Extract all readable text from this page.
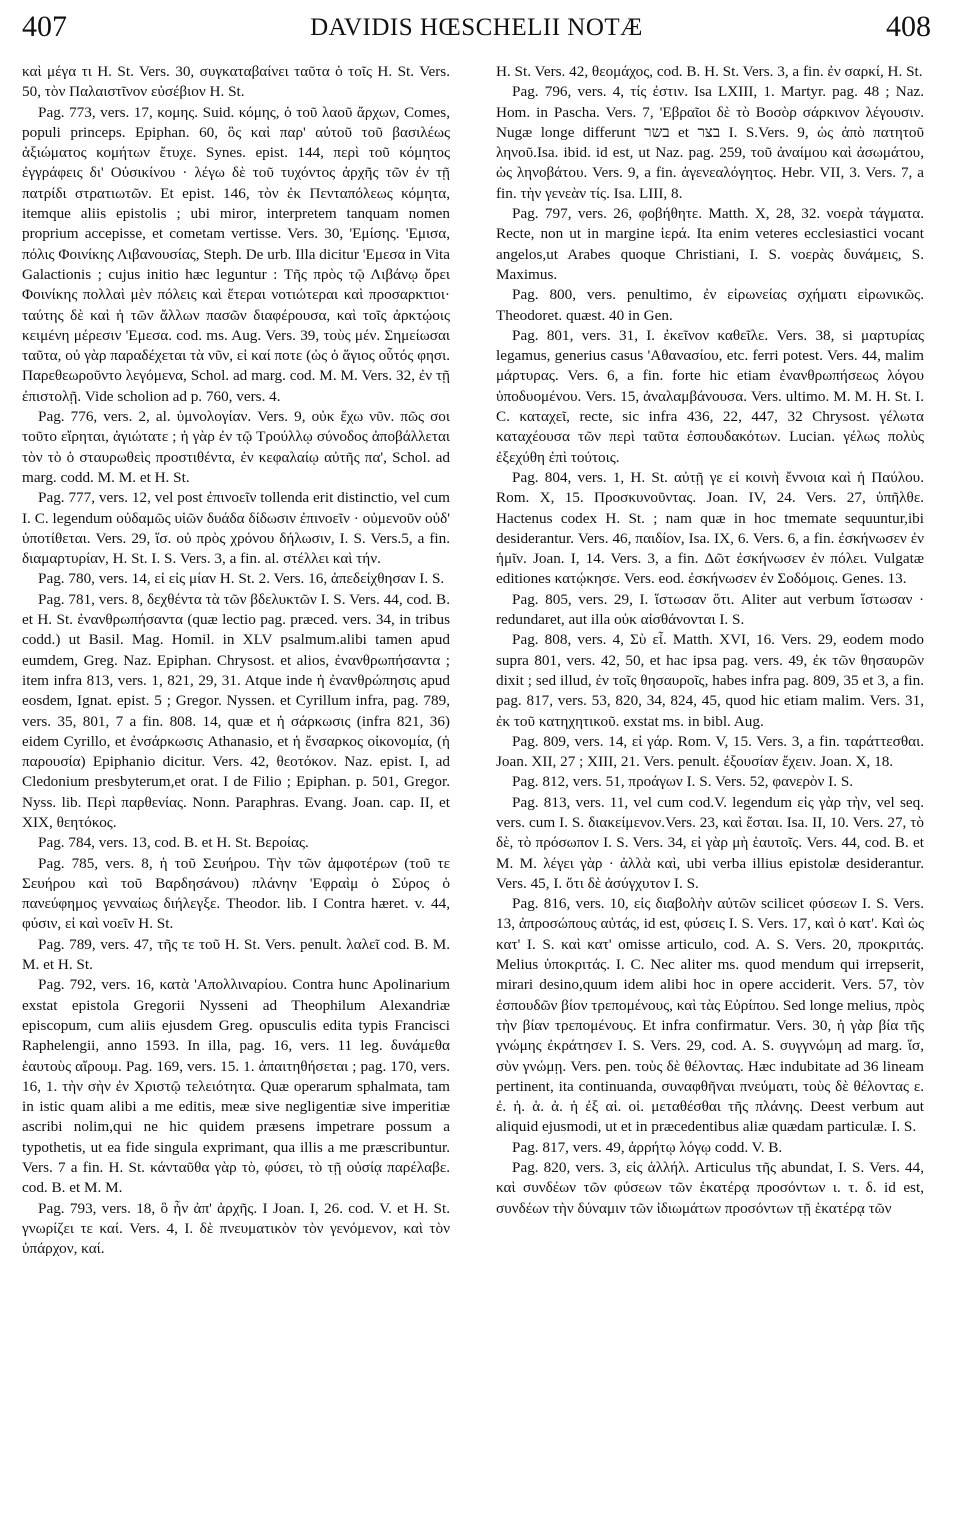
407	DAVIDIS HŒSCHELII NOTÆ	408

καὶ μέγα τι H. St. Vers. 30, συγκαταβαίνει ταῦτα ὁ τοῖς H. St. Vers. 50, τὸν Παλαιστῖνον εὐσέβιον H. St.

Pag. 773, vers. 17, κομης. Suid. κόμης, ὁ τοῦ λαοῦ ἄρχων, Comes, populi princeps. Epiphan. 60, ὃς καὶ παρ' αὐτοῦ τοῦ βασιλέως ἀξιώματος κομήτων ἔτυχε. Synes. epist. 144, περὶ τοῦ κόμητος ἐγγράφεις δι' Οὐσικίνου · λέγω δὲ τοῦ τυχόντος ἀρχῆς τῶν ἐν τῇ πατρίδι στρατιωτῶν. Et epist. 146, τὸν ἐκ Πενταπόλεως κόμητα, itemque aliis epistolis ; ubi miror, interpretem tanquam nomen proprium accepisse, et cometam vertisse. Vers. 30, 'Εμίσης. 'Εμισα, πόλις Φοινίκης Λιβανουσίας, Steph. De urb. Illa dicitur 'Εμεσα in Vita Galactionis ; cujus initio hæc leguntur : Τῆς πρὸς τῷ Λιβάνῳ ὄρει Φοινίκης πολλαὶ μὲν πόλεις καὶ ἕτεραι νοτιώτεραι καὶ προσαρκτιοι· ταύτης δὲ καὶ ἡ τῶν ἄλλων πασῶν διαφέρουσα, καὶ τοῖς ἀρκτῴοις κειμένη μέρεσιν 'Εμεσα. cod. ms. Aug. Vers. 39, τοὺς μέν. Σημείωσαι ταῦτα, οὐ γὰρ παραδέχεται τὰ νῦν, εἰ καί ποτε (ὡς ὁ ἅγιος οὗτός φησι. Παρεθεωροῦντο λεγόμενα, Schol. ad marg. cod. M. M. Vers. 32, ἐν τῇ ἐπιστολῇ. Vide scholion ad p. 760, vers. 4.

Pag. 776, vers. 2, al. ὑμνολογίαν. Vers. 9, οὐκ ἔχω νῦν. πῶς σοι τοῦτο εἴρηται, ἁγιώτατε ; ἡ γὰρ ἐν τῷ Τρούλλῳ σύνοδος ἀποβάλλεται τὸν τὸ ὁ σταυρωθεὶς προστιθέντα, ἐν κεφαλαίῳ αὐτῆς πα', Schol. ad marg. codd. M. M. et H. St.

Pag. 777, vers. 12, vel post ἐπινοεῖν tollenda erit distinctio, vel cum I. C. legendum οὐδαμῶς υἱῶν δυάδα δίδωσιν ἐπινοεῖν · οὐμενοῦν οὐδ' ὑποτίθεται. Vers. 29, ἵσ. οὐ πρὸς χρόνου δήλωσιν, I. S. Vers.5, a fin. διαμαρτυρίαν, H. St. I. S. Vers. 3, a fin. al. στέλλει καὶ τήν.

Pag. 780, vers. 14, εἰ εἰς μίαν H. St. 2. Vers. 16, ἀπεδείχθησαν I. S.

Pag. 781, vers. 8, δεχθέντα τὰ τῶν βδελυκτῶν I. S. Vers. 44, cod. B. et H. St. ἐνανθρωπήσαντα (quæ lectio pag. præced. vers. 34, in tribus codd.) ut Basil. Mag. Homil. in XLV psalmum.alibi tamen apud eumdem, Greg. Naz. Epiphan. Chrysost. et alios, ἐνανθρωπήσαντα ; item infra 813, vers. 1, 821, 29, 31. Atque inde ἡ ἐνανθρώπησις apud eosdem, Ignat. epist. 5 ; Gregor. Nyssen. et Cyrillum infra, pag. 789, vers. 35, 801, 7 a fin. 808. 14, quæ et ἡ σάρκωσις (infra 821, 36) eidem Cyrillo, et ἐνσάρκωσις Athanasio, et ἡ ἔνσαρκος οἰκονομία, (ἡ παρουσία) Epiphanio dicitur. Vers. 42, θεοτόκον. Naz. epist. I, ad Cledonium presbyterum,et orat. I de Filio ; Epiphan. p. 501, Gregor. Nyss. lib. Περὶ παρθενίας. Nonn. Paraphras. Evang. Joan. cap. II, et XIX, θεητόκος.

Pag. 784, vers. 13, cod. B. et H. St. Βεροίας.

Pag. 785, vers. 8, ἡ τοῦ Σευήρου. Τὴν τῶν ἀμφοτέρων (τοῦ τε Σευήρου καὶ τοῦ Βαρδησάνου) πλάνην 'Εφραὶμ ὁ Σύρος ὁ πανεύφημος γενναίως διήλεγξε. Theodor. lib. I Contra hæret. v. 44, φύσιν, εἰ καὶ νοεῖν H. St.

Pag. 789, vers. 47, τῆς τε τοῦ H. St. Vers. penult. λαλεῖ cod. B. M. M. et H. St.

Pag. 792, vers. 16, κατὰ 'Απολλιναρίου. Contra hunc Apolinarium exstat epistola Gregorii Nysseni ad Theophilum Alexandriæ episcopum, cum aliis ejusdem Greg. opusculis edita typis Francisci Raphelengii, anno 1593. In illa, pag. 16, vers. 11 leg. δυνάμεθα ἑαυτοὺς αἴρουμ. Pag. 169, vers. 15. 1. ἀπαιτηθήσεται ; pag. 170, vers. 16, 1. τὴν σὴν ἐν Χριστῷ τελειότητα. Quæ operarum sphalmata, tam in istic quam alibi a me editis, meæ sive negligentiæ sive imperitiæ ascribi nolim,qui ne hic quidem præsens impetrare possum a typothetis, ut ea fide singula exprimant, qua illis a me præscribuntur. Vers. 7 a fin. H. St. κάνταῦθα γὰρ τὸ, φύσει, τὸ τῇ οὐσίᾳ παρέλαβε. cod. B. et M. M.

Pag. 793, vers. 18, ὃ ἦν ἀπ' ἀρχῆς. I Joan. I, 26. cod. V. et H. St. γνωρίζει τε καί. Vers. 4, I. δὲ πνευματικὸν τὸν γενόμενον, καὶ τὸν ὑπάρχον, καί.

H. St. Vers. 42, θεομάχος, cod. B. H. St. Vers. 3, a fin. ἐν σαρκί, H. St.

Pag. 796, vers. 4, τίς ἐστιν. Isa LXIII, 1. Martyr. pag. 48 ; Naz. Hom. in Pascha. Vers. 7, 'Εβραῖοι δὲ τὸ Βοσὸρ σάρκινον λέγουσιν. Nugæ longe differunt בשר et בצר I. S.Vers. 9, ὡς ἀπὸ πατητοῦ ληνοῦ.Isa. ibid. id est, ut Naz. pag. 259, τοῦ ἀναίμου καὶ ἀσωμάτου, ὡς ληνοβάτου. Vers. 9, a fin. ἀγενεαλόγητος. Hebr. VII, 3. Vers. 7, a fin. τὴν γενεὰν τίς. Isa. LIII, 8.

Pag. 797, vers. 26, φοβήθητε. Matth. X, 28, 32. νοερὰ τάγματα. Recte, non ut in margine ἱερά. Ita enim veteres ecclesiastici vocant angelos,ut Arabes quoque Christiani, I. S. νοερὰς δυνάμεις, S. Maximus.

Pag. 800, vers. penultimo, ἐν εἰρωνείας σχήματι εἰρωνικῶς. Theodoret. quæst. 40 in Gen.

Pag. 801, vers. 31, I. ἐκεῖνον καθεῖλε. Vers. 38, si μαρτυρίας legamus, generius casus 'Αθανασίου, etc. ferri potest. Vers. 44, malim μάρτυρας. Vers. 6, a fin. forte hic etiam ἐνανθρωπήσεως λόγου ὑποδυομένου. Vers. 15, ἀναλαμβάνουσα. Vers. ultimo. M. M. H. St. I. C. καταχεῖ, recte, sic infra 436, 22, 447, 32 Chrysost. γέλωτα καταχέουσα τῶν περὶ ταῦτα ἐσπουδακότων. Lucian. γέλως πολὺς ἐξεχύθη ἐπὶ τούτοις.

Pag. 804, vers. 1, H. St. αὐτῇ γε εἰ κοινὴ ἔννοια καὶ ἡ Παύλου. Rom. X, 15. Προσκυνοῦντας. Joan. IV, 24. Vers. 27, ὑπῆλθε. Hactenus codex H. St. ; nam quæ in hoc tmemate sequuntur,ibi desiderantur. Vers. 46, παιδίον, Isa. IX, 6. Vers. 6, a fin. ἐσκήνωσεν ἐν ἡμῖν. Joan. I, 14. Vers. 3, a fin. Δῶτ ἐσκήνωσεν ἐν πόλει. Vulgatæ editiones κατῴκησε. Vers. eod. ἐσκήνωσεν ἐν Σοδόμοις. Genes. 13.

Pag. 805, vers. 29, I. ἵστωσαν ὅτι. Aliter aut verbum ἵστωσαν · redundaret, aut illa οὐκ αἰσθάνονται I. S.

Pag. 808, vers. 4, Σὺ εἶ. Matth. XVI, 16. Vers. 29, eodem modo supra 801, vers. 42, 50, et hac ipsa pag. vers. 49, ἐκ τῶν θησαυρῶν dixit ; sed illud, ἐν τοῖς θησαυροῖς, habes infra pag. 809, 35 et 3, a fin. pag. 817, vers. 53, 820, 34, 824, 45, quod hic etiam malim. Vers. 31, ἐκ τοῦ κατηχητικοῦ. exstat ms. in bibl. Aug.

Pag. 809, vers. 14, εἰ γάρ. Rom. V, 15. Vers. 3, a fin. ταράττεσθαι. Joan. XII, 27 ; XIII, 21. Vers. penult. ἐξουσίαν ἔχειν. Joan. X, 18.

Pag. 812, vers. 51, προάγων I. S. Vers. 52, φανερὸν I. S.

Pag. 813, vers. 11, vel cum cod.V. legendum εἰς γὰρ τὴν, vel seq. vers. cum I. S. διακείμενον.Vers. 23, καὶ ἔσται. Isa. II, 10. Vers. 27, τὸ δὲ, τὸ πρόσωπον I. S. Vers. 34, εἰ γὰρ μὴ ἑαυτοῖς. Vers. 44, cod. B. et M. M. λέγει γὰρ · ἀλλὰ καὶ, ubi verba illius epistolæ desiderantur. Vers. 45, I. ὅτι δὲ ἀσύγχυτον I. S.

Pag. 816, vers. 10, εἰς διαβολὴν αὐτῶν scilicet φύσεων I. S. Vers. 13, ἀπροσώπους αὐτάς, id est, φύσεις I. S. Vers. 17, καὶ ὁ κατ'. Καὶ ὡς κατ' I. S. καὶ κατ' omisse articulo, cod. A. S. Vers. 20, προκριτάς. Melius ὑποκριτάς. I. C. Nec aliter ms. quod mendum qui irrepserit, mirari desino,quum idem alibi hoc in opere acciderit. Vers. 57, τὸν ἐσπουδῶν βίον τρεπομένους, καὶ τὰς Εὐρίπου. Sed longe melius, πρὸς τὴν βίαν τρεπομένους. Et infra confirmatur. Vers. 30, ἡ γὰρ βία τῆς γνώμης ἐκράτησεν I. S. Vers. 29, cod. A. S. συγγνώμη ad marg. ἵσ, σὺν γνώμῃ. Vers. pen. τοὺς δὲ θέλοντας. Hæc indubitate ad 36 lineam pertinent, ita continuanda, συναφθῆναι πνεύματι, τοὺς δὲ θέλοντας ε. ἐ. ἡ. ἁ. ἀ. ἡ ἐξ αἱ. οἱ. μεταθέσθαι τῆς πλάνης. Deest verbum aut aliquid ejusmodi, ut et in præcedentibus aliæ quædam particulæ. I. S.

Pag. 817, vers. 49, ἀρρήτῳ λόγῳ codd. V. B.

Pag. 820, vers. 3, εἰς ἀλλήλ. Articulus τῆς abundat, I. S. Vers. 44, καὶ συνδέων τῶν φύσεων τῶν ἑκατέρᾳ προσόντων ι. τ. δ. id est, συνδέων τὴν δύναμιν τῶν ἰδιωμάτων προσόντων τῇ ἑκατέρᾳ τῶν
